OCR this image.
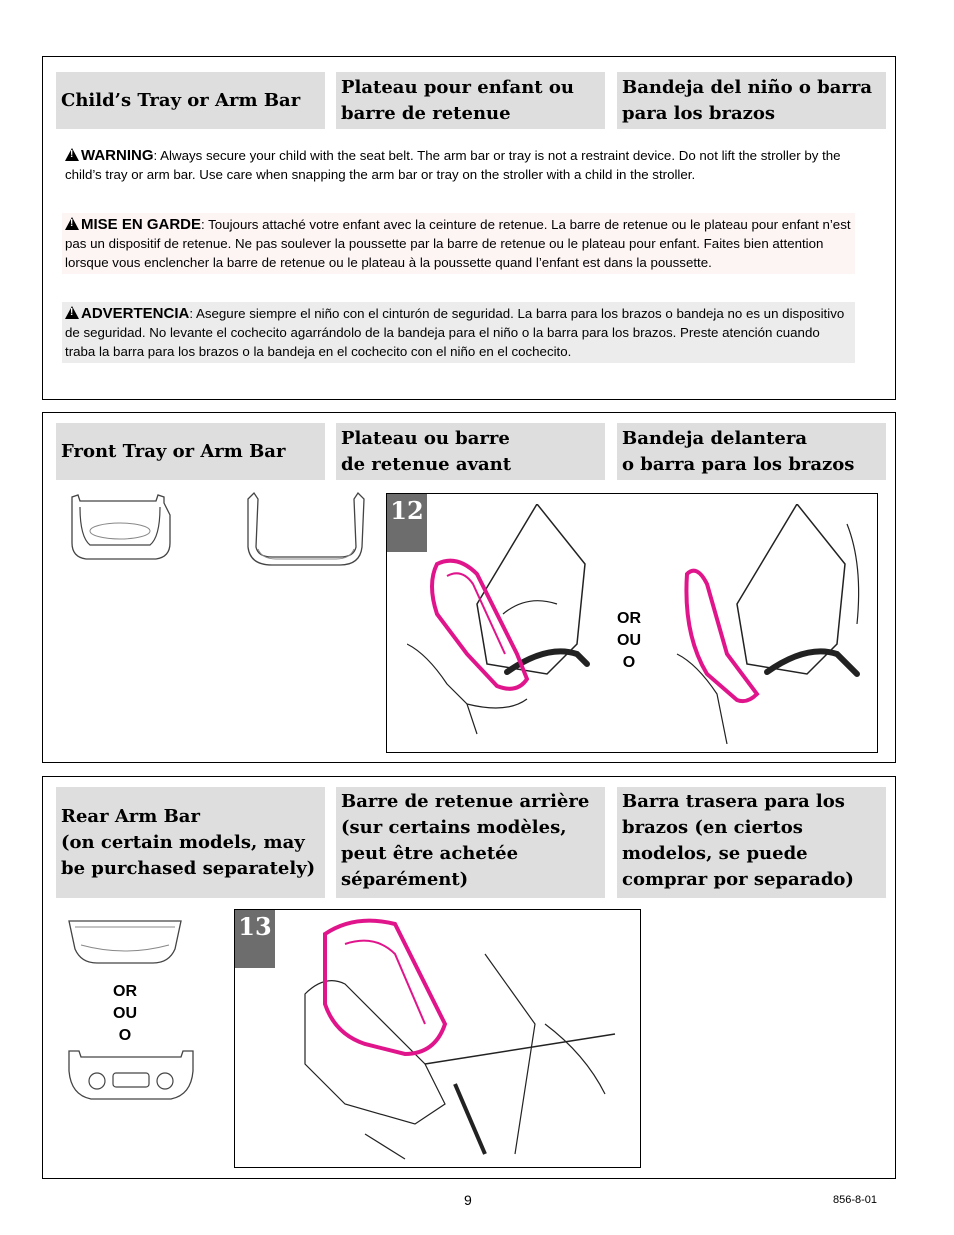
Child’s Tray or Arm Bar
Plateau pour enfant ou
barre de retenue
Bandeja del niño o barra
para los brazos
!WARNING: Always secure your child with the seat belt. The arm bar or tray is not a restraint device. Do not lift the stroller by the child’s tray or arm bar. Use care when snapping the arm bar or tray on the stroller with a child in the stroller.
!MISE EN GARDE: Toujours attaché votre enfant avec la ceinture de retenue. La barre de retenue ou le plateau pour enfant n’est pas un dispositif de retenue. Ne pas soulever la poussette par la barre de retenue ou le plateau pour enfant. Faites bien attention lorsque vous enclencher la barre de retenue ou le plateau à la poussette quand l’enfant est dans la poussette.
!ADVERTENCIA: Asegure siempre el niño con el cinturón de seguridad. La barra para los brazos o bandeja no es un dispositivo de seguridad. No levante el cochecito agarrándolo de la bandeja para el niño o la barra para los brazos. Preste atención cuando traba la barra para los brazos o la bandeja en el cochecito con el niño en el cochecito.
Front Tray or Arm Bar
Plateau ou barre
de retenue avant
Bandeja delantera
o barra para los brazos
12
OR
OU
O
Rear Arm Bar
(on certain models, may
be purchased separately)
Barre de retenue arrière
(sur certains modèles,
peut être achetée
séparément)
Barra trasera para los
brazos (en ciertos
modelos, se puede
comprar por separado)
OR
OU
O
13
9	856-8-01
